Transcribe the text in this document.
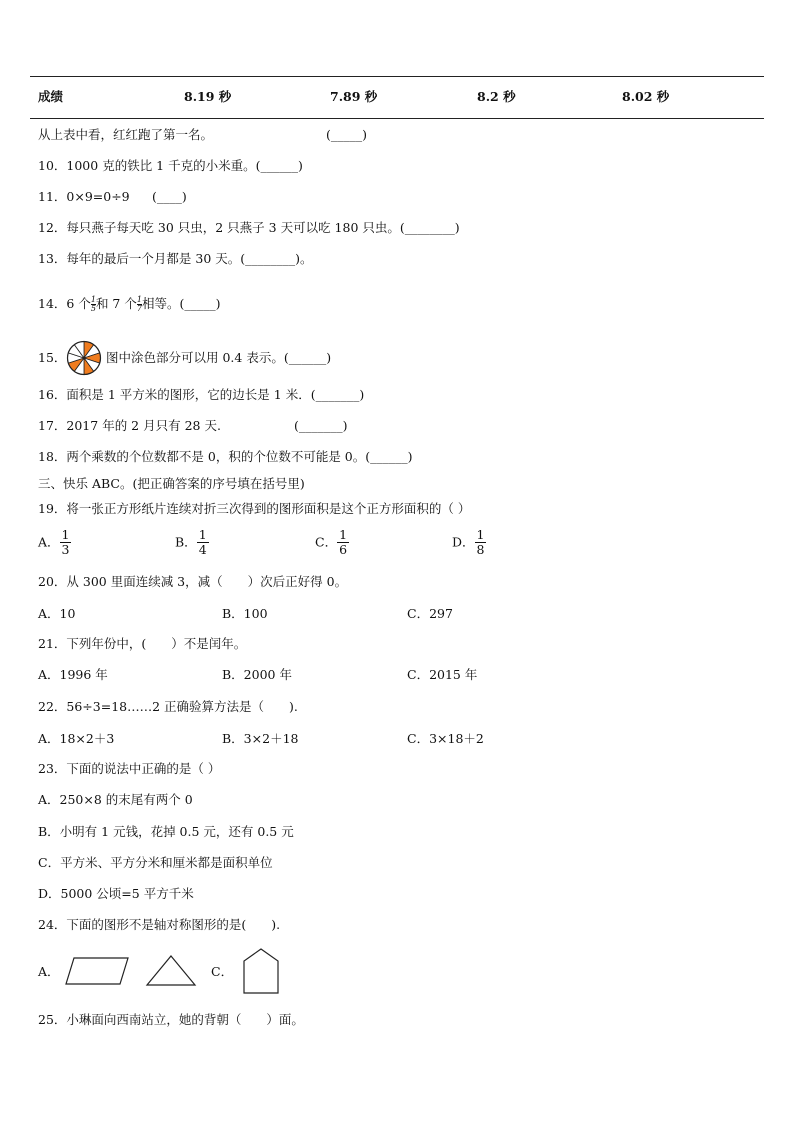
成绩	8.19 秒	7.89 秒	8.2 秒	8.02 秒
从上表中看，红红跑了第一名。	(_____)
10．1000 克的铁比 1 千克的小米重。(______)
11．0×9=0÷9 (____)
12．每只燕子每天吃 30 只虫，2 只燕子 3 天可以吃 180 只虫。(________)
13．每年的最后一个月都是 30 天。(________)。
14．6 个 $\frac{1}{5}$ 和 7 个 $\frac{1}{7}$ 相等。(_____)
15．	图中涂色部分可以用 0.4 表示。(______)
16．面积是 1 平方米的图形，它的边长是 1 米．(_______)
17．2017 年的 2 月只有 28 天.	(_______)
18．两个乘数的个位数都不是 0，积的个位数不可能是 0。(______)
三、快乐 ABC。(把正确答案的序号填在括号里)
19．将一张正方形纸片连续对折三次得到的图形面积是这个正方形面积的（ ）
A． $\frac{1}{3}$	B． $\frac{1}{4}$	C． $\frac{1}{6}$	D． $\frac{1}{8}$
20．从 300 里面连续减 3，减（　　）次后正好得 0。
A．10	B．100	C．297
21．下列年份中，(　　）不是闰年。
A．1996 年	B．2000 年	C．2015 年
22．56÷3=18……2 正确验算方法是（　　).
A．18×2＋3	B．3×2＋18	C．3×18＋2
23．下面的说法中正确的是（ ）
A．250×8 的末尾有两个 0
B．小明有 1 元钱，花掉 0.5 元，还有 0.5 元
C．平方米、平方分米和厘米都是面积单位
D．5000 公顷=5 平方千米
24．下面的图形不是轴对称图形的是(　　).
A．	C．
25．小琳面向西南站立，她的背朝（　　）面。
